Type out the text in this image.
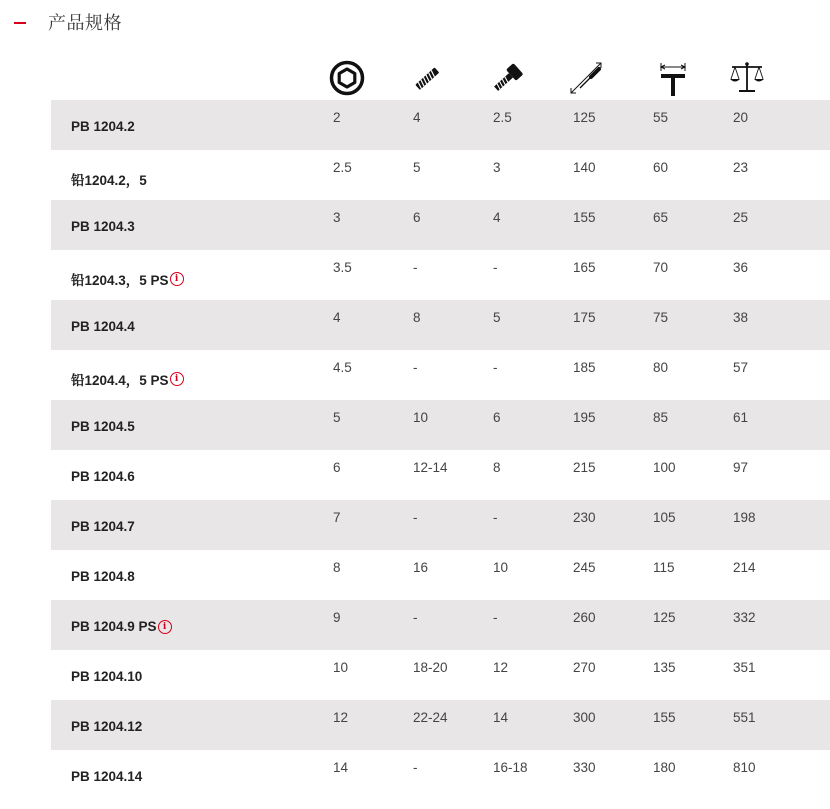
产品规格
PB 1204.2
2	4	2.5	125	55	20
铅1204.2，5
2.5	5	3	140	60	23
PB 1204.3
3	6	4	155	65	25
铅1204.3，5 PS i
3.5	-	-	165	70	36
PB 1204.4
4	8	5	175	75	38
铅1204.4，5 PS i
4.5	-	-	185	80	57
PB 1204.5
5	10	6	195	85	61
PB 1204.6
6	12-14	8	215	100	97
PB 1204.7
7	-	-	230	105	198
PB 1204.8
8	16	10	245	115	214
PB 1204.9 PS i
9	-	-	260	125	332
PB 1204.10
10	18-20	12	270	135	351
PB 1204.12
12	22-24	14	300	155	551
PB 1204.14
14	-	16-18	330	180	810
